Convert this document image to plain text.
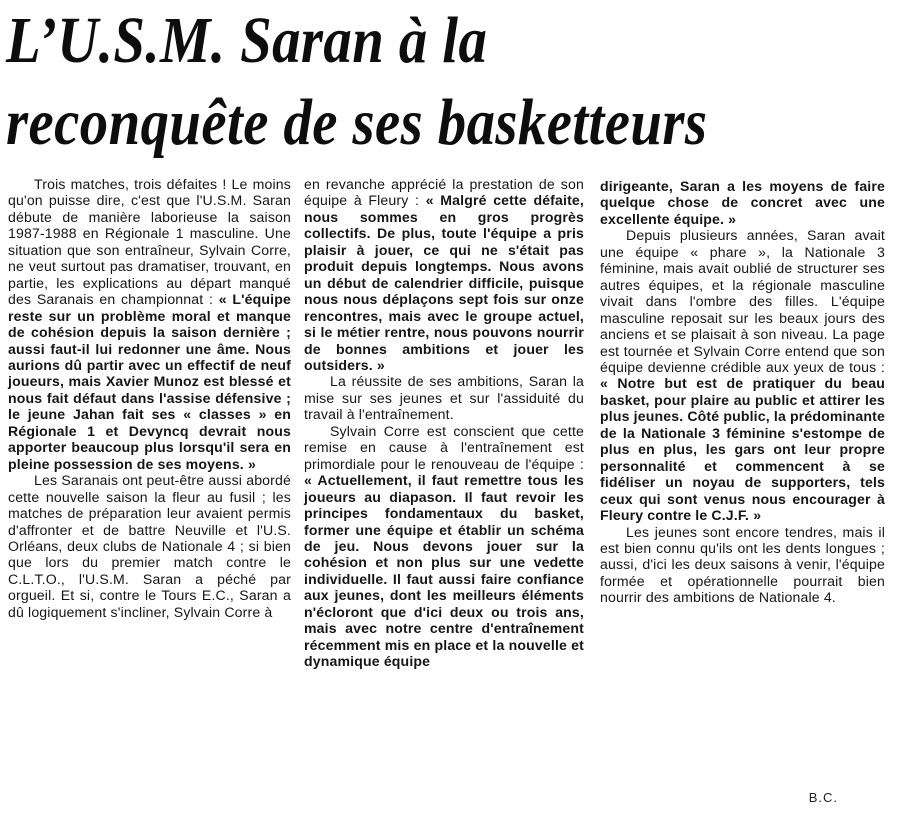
L’U.S.M. Saran à la
reconquête de ses basketteurs

Trois matches, trois défaites ! Le moins qu'on puisse dire, c'est que l'U.S.M. Saran débute de manière laborieuse la saison 1987-1988 en Régionale 1 masculine. Une situation que son entraîneur, Sylvain Corre, ne veut surtout pas dramatiser, trouvant, en partie, les explications au départ manqué des Saranais en championnat : « L'équipe reste sur un problème moral et manque de cohésion depuis la saison dernière ; aussi faut-il lui redonner une âme. Nous aurions dû partir avec un effectif de neuf joueurs, mais Xavier Munoz est blessé et nous fait défaut dans l'assise défensive ; le jeune Jahan fait ses « classes » en Régionale 1 et Devyncq devrait nous apporter beaucoup plus lorsqu'il sera en pleine possession de ses moyens. »

Les Saranais ont peut-être aussi abordé cette nouvelle saison la fleur au fusil ; les matches de préparation leur avaient permis d'affronter et de battre Neuville et l'U.S. Orléans, deux clubs de Nationale 4 ; si bien que lors du premier match contre le C.L.T.O., l'U.S.M. Saran a péché par orgueil. Et si, contre le Tours E.C., Saran a dû logiquement s'incliner, Sylvain Corre à

en revanche apprécié la prestation de son équipe à Fleury : « Malgré cette défaite, nous sommes en gros progrès collectifs. De plus, toute l'équipe a pris plaisir à jouer, ce qui ne s'était pas produit depuis longtemps. Nous avons un début de calendrier difficile, puisque nous nous déplaçons sept fois sur onze rencontres, mais avec le groupe actuel, si le métier rentre, nous pouvons nourrir de bonnes ambitions et jouer les outsiders. »

La réussite de ses ambitions, Saran la mise sur ses jeunes et sur l'assiduité du travail à l'entraînement.

Sylvain Corre est conscient que cette remise en cause à l'entraînement est primordiale pour le renouveau de l'équipe : « Actuellement, il faut remettre tous les joueurs au diapason. Il faut revoir les principes fondamentaux du basket, former une équipe et établir un schéma de jeu. Nous devons jouer sur la cohésion et non plus sur une vedette individuelle. Il faut aussi faire confiance aux jeunes, dont les meilleurs éléments n'écloront que d'ici deux ou trois ans, mais avec notre centre d'entraînement récemment mis en place et la nouvelle et dynamique équipe

dirigeante, Saran a les moyens de faire quelque chose de concret avec une excellente équipe. »

Depuis plusieurs années, Saran avait une équipe « phare », la Nationale 3 féminine, mais avait oublié de structurer ses autres équipes, et la régionale masculine vivait dans l'ombre des filles. L'équipe masculine reposait sur les beaux jours des anciens et se plaisait à son niveau. La page est tournée et Sylvain Corre entend que son équipe devienne crédible aux yeux de tous : « Notre but est de pratiquer du beau basket, pour plaire au public et attirer les plus jeunes. Côté public, la prédominante de la Nationale 3 féminine s'estompe de plus en plus, les gars ont leur propre personnalité et commencent à se fidéliser un noyau de supporters, tels ceux qui sont venus nous encourager à Fleury contre le C.J.F. »

Les jeunes sont encore tendres, mais il est bien connu qu'ils ont les dents longues ; aussi, d'ici les deux saisons à venir, l'équipe formée et opérationnelle pourrait bien nourrir des ambitions de Nationale 4.

B.C.
